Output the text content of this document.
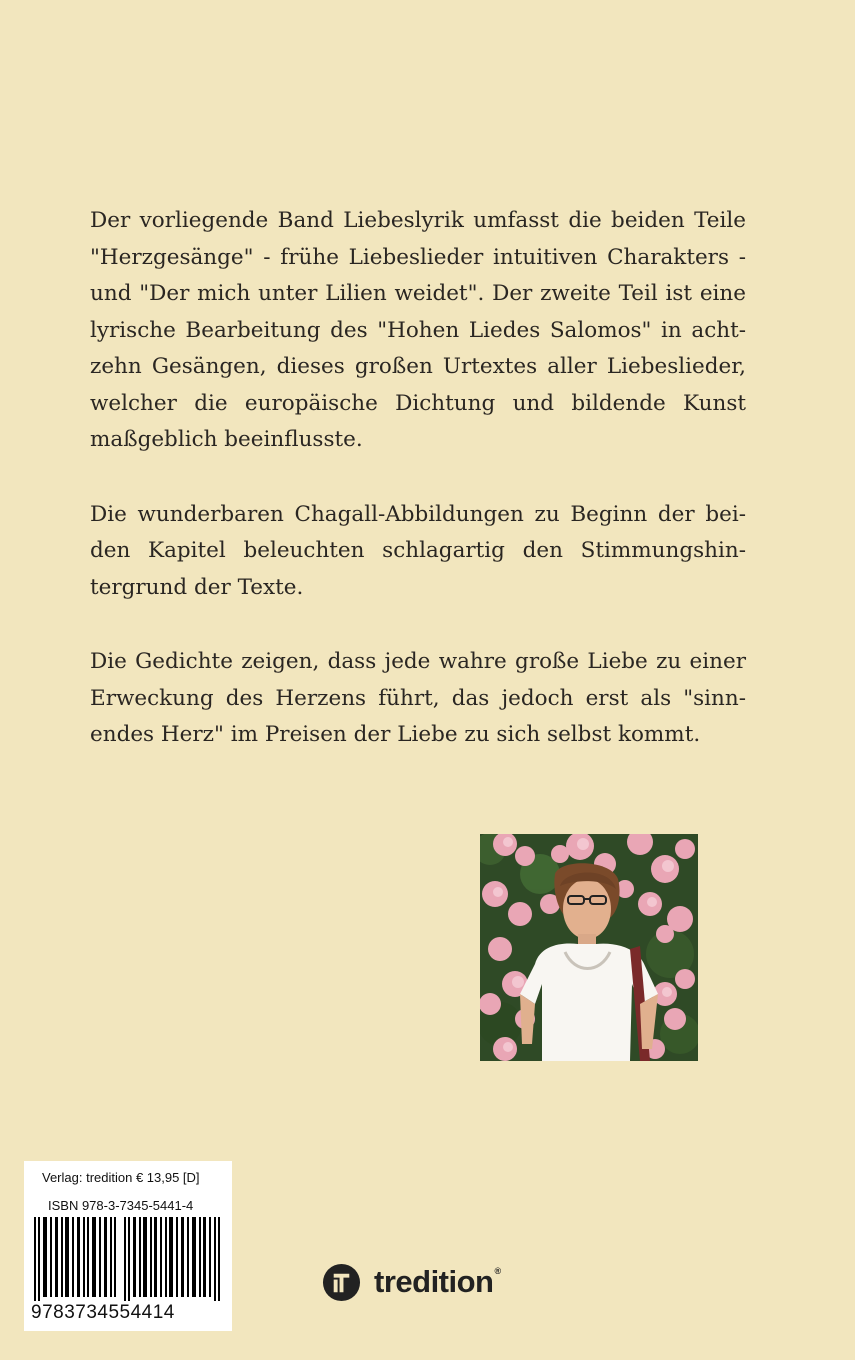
Der vorliegende Band Liebeslyrik umfasst die beiden Teile
"Herzgesänge" - frühe Liebeslieder intuitiven Charakters -
und "Der mich unter Lilien weidet". Der zweite Teil ist eine
lyrische Bearbeitung des "Hohen Liedes Salomos" in acht-
zehn Gesängen, dieses großen Urtextes aller Liebeslieder,
welcher die europäische Dichtung und bildende Kunst
maßgeblich beeinflusste.

Die wunderbaren Chagall-Abbildungen zu Beginn der bei-
den Kapitel beleuchten schlagartig den Stimmungshin-
tergrund der Texte.

Die Gedichte zeigen, dass jede wahre große Liebe zu einer
Erweckung des Herzens führt, das jedoch erst als "sinn-
endes Herz" im Preisen der Liebe zu sich selbst kommt.

Verlag: tredition € 13,95 [D]
ISBN 978-3-7345-5441-4
9783734554414
tredition®
